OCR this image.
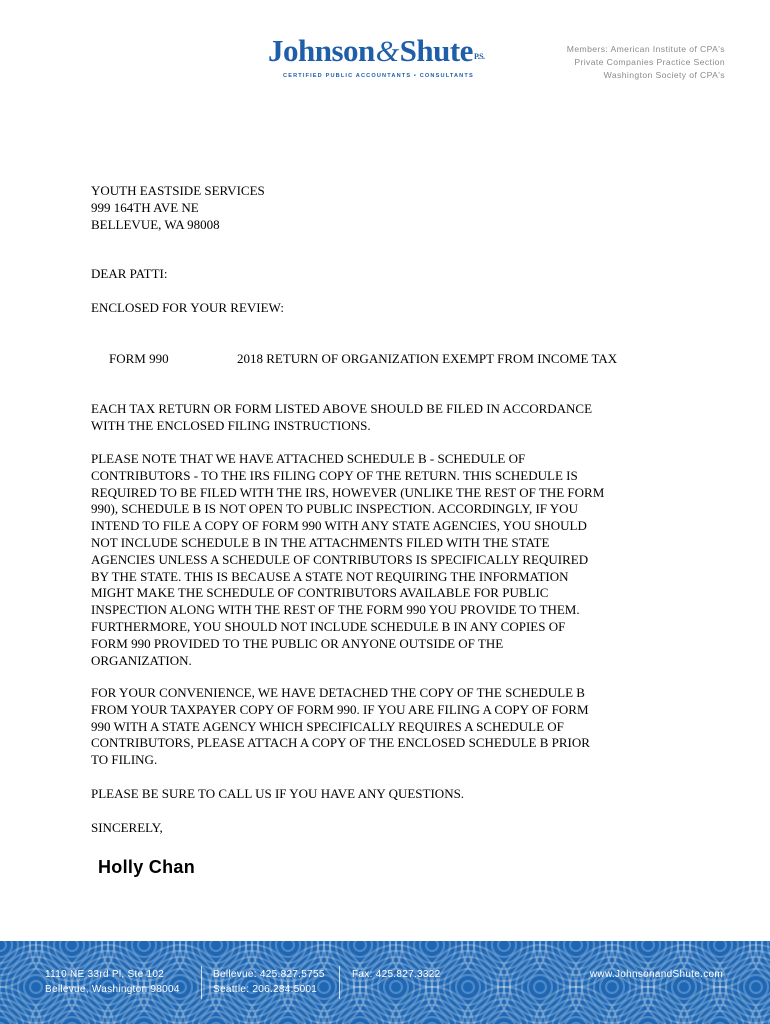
Johnson&ShuteP.S.
CERTIFIED PUBLIC ACCOUNTANTS • CONSULTANTS
Members: American Institute of CPA's
Private Companies Practice Section
Washington Society of CPA's
YOUTH EASTSIDE SERVICES
999 164TH AVE NE
BELLEVUE, WA 98008
DEAR PATTI:
ENCLOSED FOR YOUR REVIEW:
FORM 990	2018 RETURN OF ORGANIZATION EXEMPT FROM INCOME TAX
EACH TAX RETURN OR FORM LISTED ABOVE SHOULD BE FILED IN ACCORDANCE
WITH THE ENCLOSED FILING INSTRUCTIONS.
PLEASE NOTE THAT WE HAVE ATTACHED SCHEDULE B - SCHEDULE OF
CONTRIBUTORS - TO THE IRS FILING COPY OF THE RETURN. THIS SCHEDULE IS
REQUIRED TO BE FILED WITH THE IRS, HOWEVER (UNLIKE THE REST OF THE FORM
990), SCHEDULE B IS NOT OPEN TO PUBLIC INSPECTION. ACCORDINGLY, IF YOU
INTEND TO FILE A COPY OF FORM 990 WITH ANY STATE AGENCIES, YOU SHOULD
NOT INCLUDE SCHEDULE B IN THE ATTACHMENTS FILED WITH THE STATE
AGENCIES UNLESS A SCHEDULE OF CONTRIBUTORS IS SPECIFICALLY REQUIRED
BY THE STATE. THIS IS BECAUSE A STATE NOT REQUIRING THE INFORMATION
MIGHT MAKE THE SCHEDULE OF CONTRIBUTORS AVAILABLE FOR PUBLIC
INSPECTION ALONG WITH THE REST OF THE FORM 990 YOU PROVIDE TO THEM.
FURTHERMORE, YOU SHOULD NOT INCLUDE SCHEDULE B IN ANY COPIES OF
FORM 990 PROVIDED TO THE PUBLIC OR ANYONE OUTSIDE OF THE
ORGANIZATION.
FOR YOUR CONVENIENCE, WE HAVE DETACHED THE COPY OF THE SCHEDULE B
FROM YOUR TAXPAYER COPY OF FORM 990. IF YOU ARE FILING A COPY OF FORM
990 WITH A STATE AGENCY WHICH SPECIFICALLY REQUIRES A SCHEDULE OF
CONTRIBUTORS, PLEASE ATTACH A COPY OF THE ENCLOSED SCHEDULE B PRIOR
TO FILING.
PLEASE BE SURE TO CALL US IF YOU HAVE ANY QUESTIONS.
SINCERELY,
Holly Chan
1110 NE 33rd Pl, Ste 102
Bellevue, Washington 98004
Bellevue: 425.827.5755
Seattle: 206.284.5001
Fax: 425.827.3322	www.JohnsonandShute.com
